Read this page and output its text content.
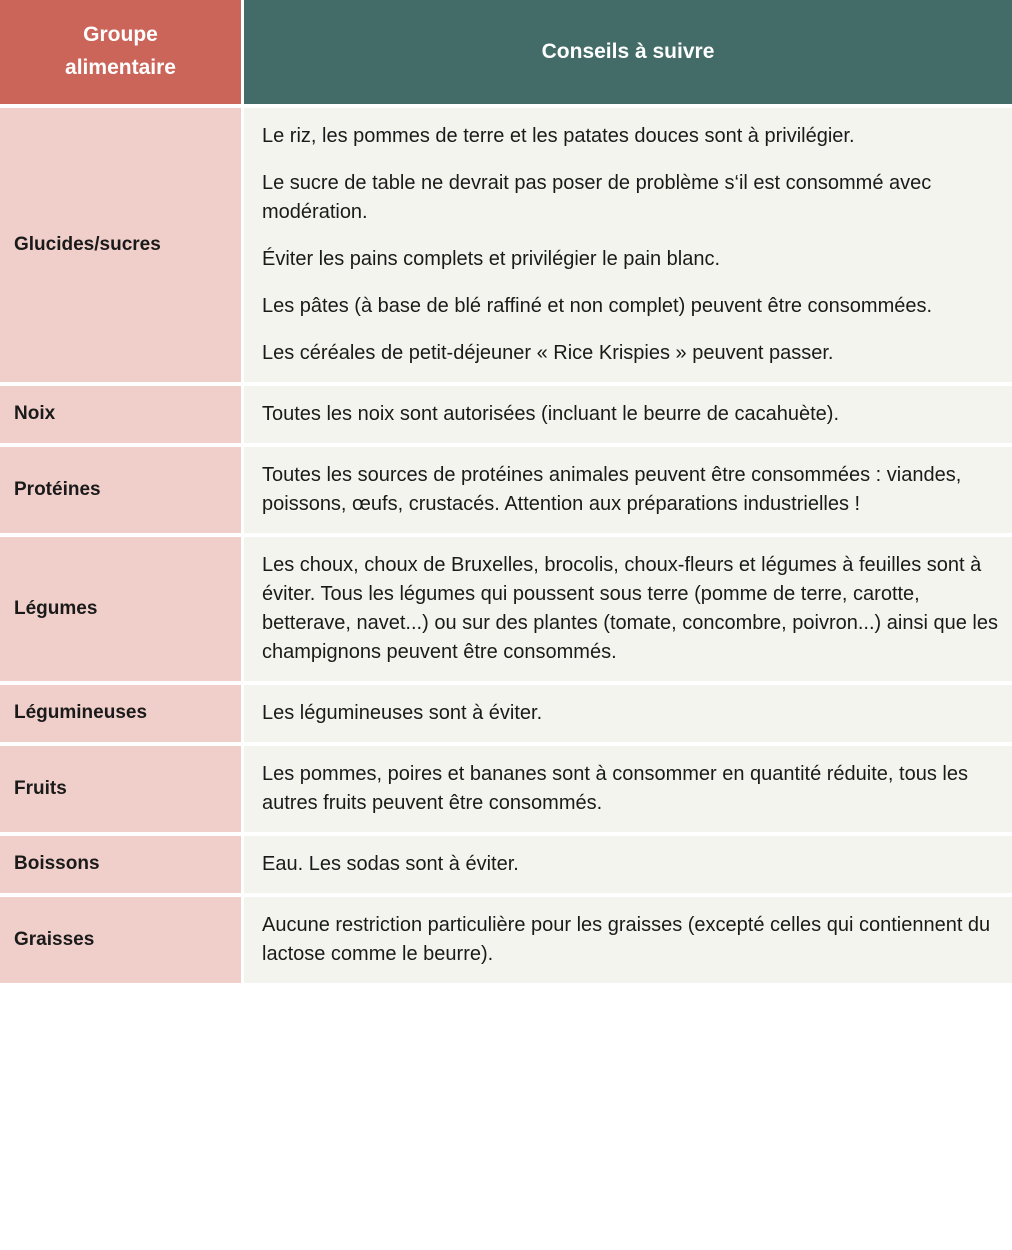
Groupe
alimentaire	Conseils à suivre
Glucides/sucres	Le riz, les pommes de terre et les patates douces sont à privilégier.

Le sucre de table ne devrait pas poser de problème s‘il est consommé avec modération.

Éviter les pains complets et privilégier le pain blanc.

Les pâtes (à base de blé raffiné et non complet) peuvent être consommées.

Les céréales de petit-déjeuner « Rice Krispies » peuvent passer.

Noix	Toutes les noix sont autorisées (incluant le beurre de cacahuète).

Protéines	Toutes les sources de protéines animales peuvent être consommées : viandes, poissons, œufs, crustacés. Attention aux préparations industrielles !

Légumes	Les choux, choux de Bruxelles, brocolis, choux-fleurs et légumes à feuilles sont à éviter. Tous les légumes qui poussent sous terre (pomme de terre, carotte, betterave, navet...) ou sur des plantes (tomate, concombre, poivron...) ainsi que les champignons peuvent être consommés.

Légumineuses	Les légumineuses sont à éviter.

Fruits	Les pommes, poires et bananes sont à consommer en quantité réduite, tous les autres fruits peuvent être consommés.

Boissons	Eau. Les sodas sont à éviter.

Graisses	Aucune restriction particulière pour les graisses (excepté celles qui contiennent du lactose comme le beurre).
